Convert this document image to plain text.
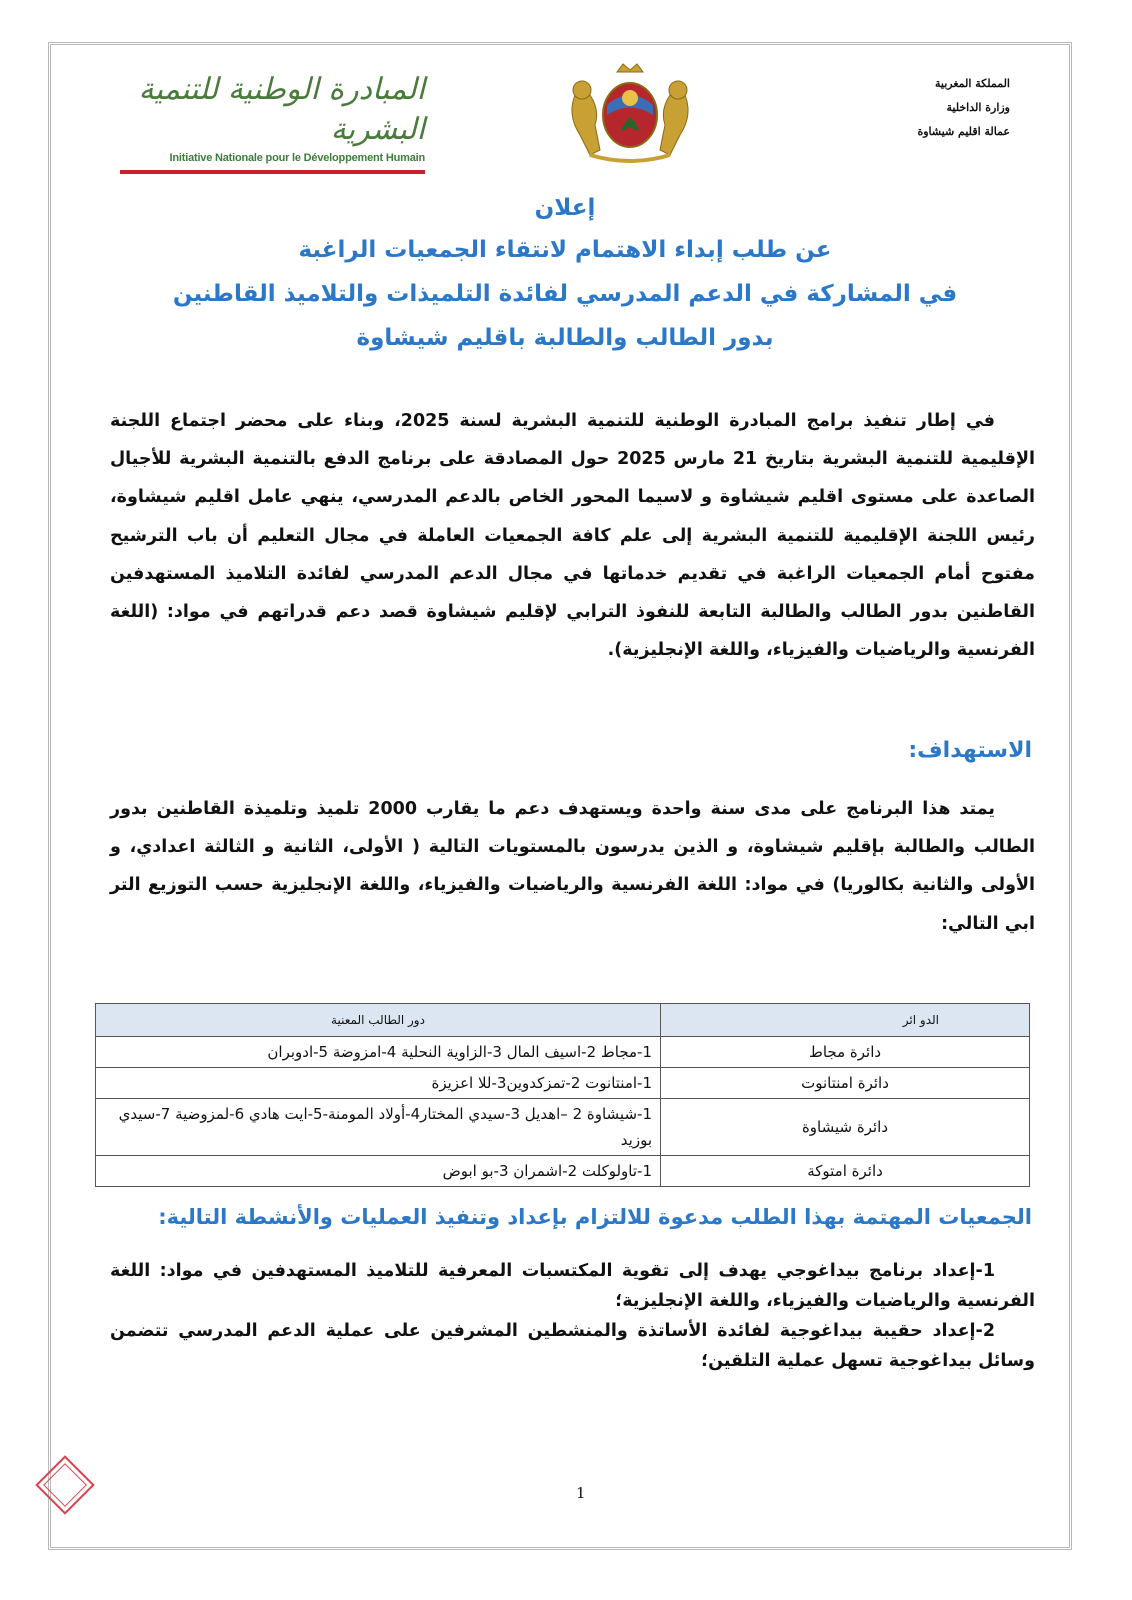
المملكة المغربية
وزارة الداخلية
عمالة اقليم شيشاوة
المبادرة الوطنية للتنمية البشرية
Initiative Nationale pour le Développement Humain
إعلان
عن طلب إبداء الاهتمام لانتقاء الجمعيات الراغبة
في المشاركة في الدعم المدرسي لفائدة التلميذات والتلاميذ القاطنين
بدور الطالب والطالبة باقليم شيشاوة
في إطار تنفيذ برامج المبادرة الوطنية للتنمية البشرية لسنة 2025، وبناء على محضر اجتماع اللجنة الإقليمية للتنمية البشرية بتاريخ 21 مارس 2025 حول المصادقة على برنامج الدفع بالتنمية البشرية للأجيال الصاعدة على مستوى اقليم شيشاوة و لاسيما المحور الخاص بالدعم المدرسي، ينهي عامل اقليم شيشاوة، رئيس اللجنة الإقليمية للتنمية البشرية إلى علم كافة الجمعيات العاملة في مجال التعليم أن باب الترشيح مفتوح أمام الجمعيات الراغبة في تقديم خدماتها في مجال الدعم المدرسي لفائدة التلاميذ المستهدفين القاطنين بدور الطالب والطالبة التابعة للنفوذ الترابي لإقليم شيشاوة قصد دعم قدراتهم في مواد: (اللغة الفرنسية والرياضيات والفيزياء، واللغة الإنجليزية).
الاستهداف:
يمتد هذا البرنامج على مدى سنة واحدة ويستهدف دعم ما يقارب 2000 تلميذ وتلميذة القاطنين بدور الطالب والطالبة بإقليم شيشاوة، و الذين يدرسون بالمستويات التالية ( الأولى، الثانية و الثالثة اعدادي، و الأولى والثانية بكالوريا) في مواد: اللغة الفرنسية والرياضيات والفيزياء، واللغة الإنجليزية حسب التوزيع التر ابي التالي:
الدو ائر	دور الطالب المعنية
دائرة مجاط	1-مجاط 2-اسيف المال 3-الزاوية النحلية 4-امزوضة 5-ادوبران
دائرة امنتانوت	1-امنتانوت 2-تمزكدوين3-للا اعزيزة
دائرة شيشاوة	1-شيشاوة 2 –اهديل 3-سيدي المختار4-أولاد المومنة-5-ايت هادي 6-لمزوضية 7-سيدي بوزيد
دائرة امتوكة	1-تاولوكلت 2-اشمران 3-بو ابوض
الجمعيات المهتمة بهذا الطلب مدعوة للالتزام بإعداد وتنفيذ العمليات والأنشطة التالية:
1-إعداد برنامج بيداغوجي يهدف إلى تقوية المكتسبات المعرفية للتلاميذ المستهدفين في مواد: اللغة الفرنسية والرياضيات والفيزياء، واللغة الإنجليزية؛
2-إعداد حقيبة بيداغوجية لفائدة الأساتذة والمنشطين المشرفين على عملية الدعم المدرسي تتضمن وسائل بيداغوجية تسهل عملية التلقين؛
1
